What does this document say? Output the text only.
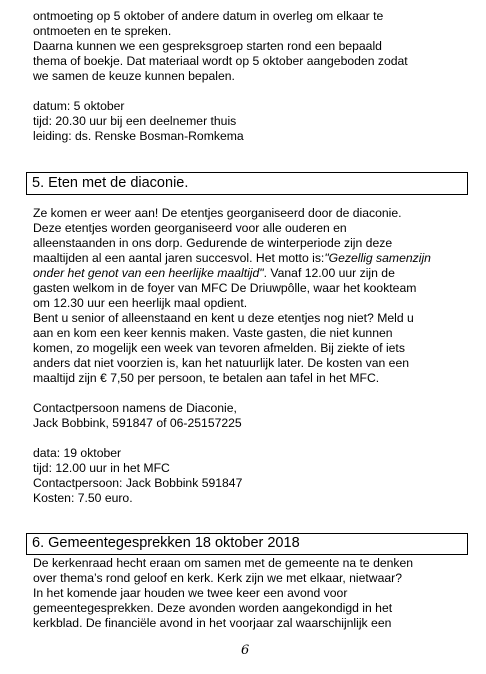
ontmoeting op 5 oktober of andere datum in overleg om elkaar te
ontmoeten en te spreken.
Daarna kunnen we een gespreksgroep starten rond een bepaald
thema of boekje. Dat materiaal wordt op 5 oktober aangeboden zodat
we samen de keuze kunnen bepalen.
datum: 5 oktober
tijd: 20.30 uur bij een deelnemer thuis
leiding: ds. Renske Bosman-Romkema
5. Eten met de diaconie.
Ze komen er weer aan! De etentjes georganiseerd door de diaconie.
Deze etentjes worden georganiseerd voor alle ouderen en
alleenstaanden in ons dorp. Gedurende de winterperiode zijn deze
maaltijden al een aantal jaren succesvol. Het motto is:"Gezellig samenzijn
onder het genot van een heerlijke maaltijd". Vanaf 12.00 uur zijn de
gasten welkom in de foyer van MFC De Driuwpôlle, waar het kookteam
om 12.30 uur een heerlijk maal opdient.
Bent u senior of alleenstaand en kent u deze etentjes nog niet? Meld u
aan en kom een keer kennis maken. Vaste gasten, die niet kunnen
komen, zo mogelijk een week van tevoren afmelden. Bij ziekte of iets
anders dat niet voorzien is, kan het natuurlijk later. De kosten van een
maaltijd zijn € 7,50 per persoon, te betalen aan tafel in het MFC.
Contactpersoon namens de Diaconie,
Jack Bobbink, 591847 of 06-25157225
data: 19 oktober
tijd: 12.00 uur in het MFC
Contactpersoon: Jack Bobbink 591847
Kosten: 7.50 euro.
6. Gemeentegesprekken 18 oktober 2018
De kerkenraad hecht eraan om samen met de gemeente na te denken
over thema’s rond geloof en kerk. Kerk zijn we met elkaar, nietwaar?
In het komende jaar houden we twee keer een avond voor
gemeentegesprekken. Deze avonden worden aangekondigd in het
kerkblad. De financiële avond in het voorjaar zal waarschijnlijk een
6
